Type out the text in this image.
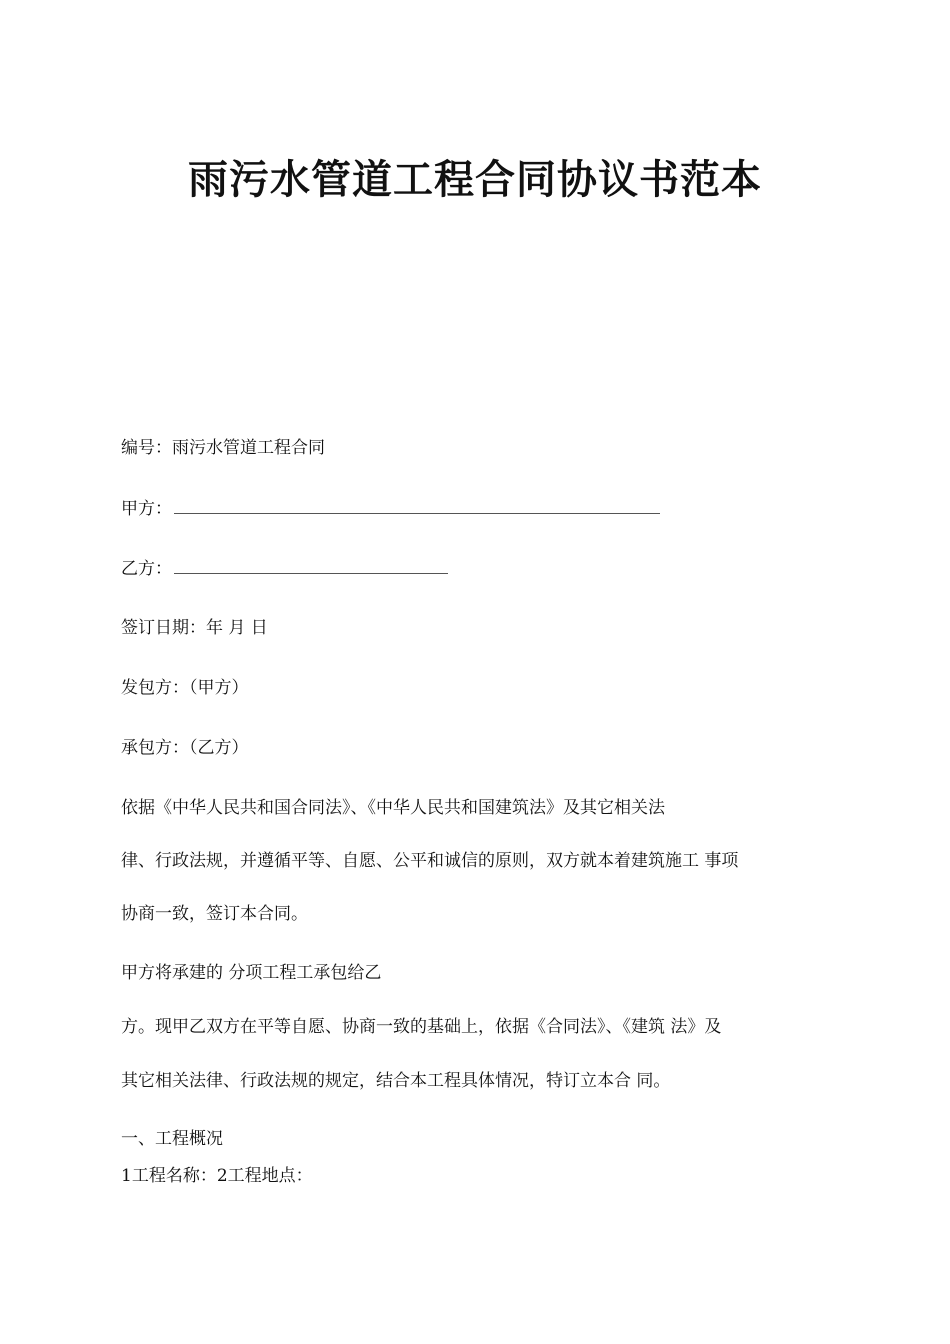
雨污水管道工程合同协议书范本

编号：雨污水管道工程合同

甲方：

乙方：

签订日期：年 月 日

发包方：（甲方）

承包方：（乙方）

依据《中华人民共和国合同法》、《中华人民共和国建筑法》及其它相关法

律、行政法规，并遵循平等、自愿、公平和诚信的原则，双方就本着建筑施工 事项

协商一致，签订本合同。

甲方将承建的 分项工程工承包给乙

方。现甲乙双方在平等自愿、协商一致的基础上，依据《合同法》、《建筑 法》及

其它相关法律、行政法规的规定，结合本工程具体情况，特订立本合 同。

一、工程概况

1工程名称：2工程地点：
